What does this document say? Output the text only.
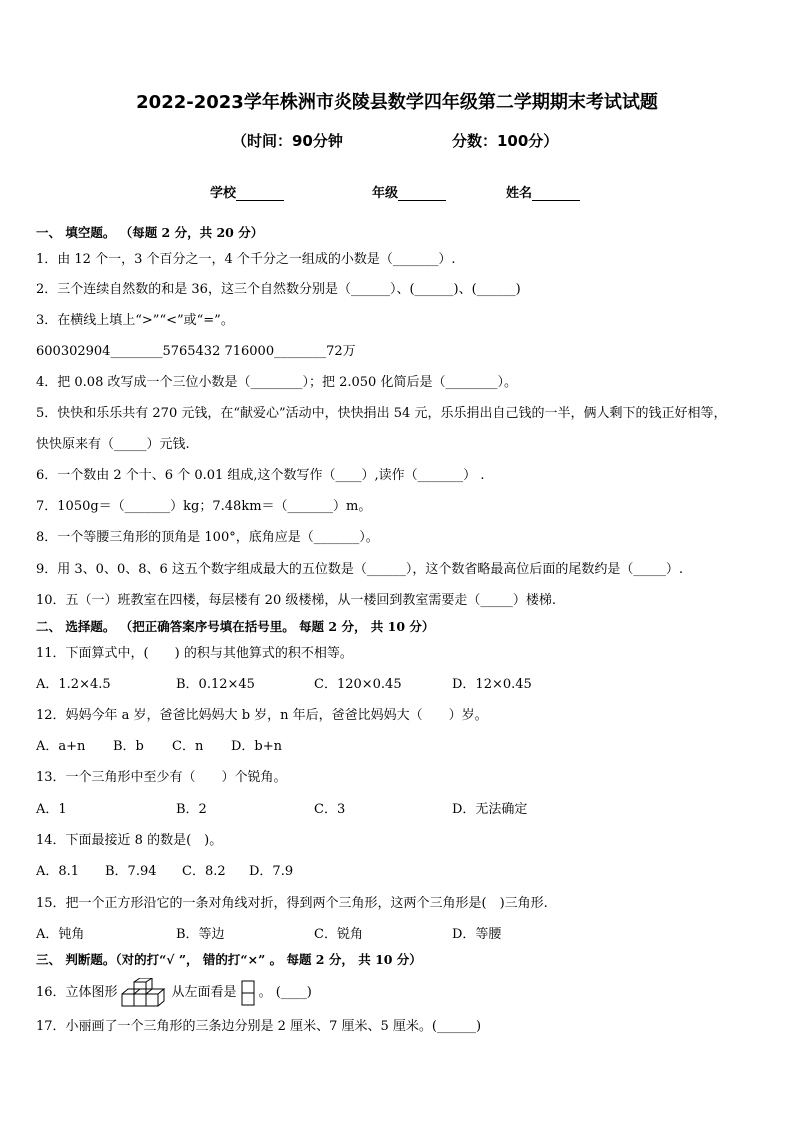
2022-2023学年株洲市炎陵县数学四年级第二学期期末考试试题
（时间：90分钟	分数：100分）
学校	年级	姓名
一、 填空题。 （每题 2 分，共 20 分）
1．由 12 个一，3 个百分之一，4 个千分之一组成的小数是（_______）.
2．三个连续自然数的和是 36，这三个自然数分别是（______）、(______)、(______)
3．在横线上填上“>”“<”或“=”。
600302904________5765432 716000________72万
4．把 0.08 改写成一个三位小数是（________）；把 2.050 化简后是（________）。
5．快快和乐乐共有 270 元钱，在“献爱心”活动中，快快捐出 54 元，乐乐捐出自己钱的一半，俩人剩下的钱正好相等，
快快原来有（_____）元钱.
6．一个数由 2 个十、6 个 0.01 组成,这个数写作（____）,读作（_______） .
7．1050g＝（_______）kg；7.48km＝（_______）m。
8．一个等腰三角形的顶角是 100°，底角应是（_______）。
9．用 3、0、0、8、6 这五个数字组成最大的五位数是（______），这个数省略最高位后面的尾数约是（_____）.
10．五（一）班教室在四楼，每层楼有 20 级楼梯，从一楼回到教室需要走（_____）楼梯.
二、 选择题。 （把正确答案序号填在括号里。 每题 2 分， 共 10 分）
11．下面算式中，(　　) 的积与其他算式的积不相等。
A．1.2×4.5	B．0.12×45	C．120×0.45	D．12×0.45
12．妈妈今年 a 岁，爸爸比妈妈大 b 岁，n 年后，爸爸比妈妈大（　　）岁。
A．a+n B．b C．n D．b+n
13．一个三角形中至少有（　　）个锐角。
A．1	B．2	C．3	D．无法确定
14．下面最接近 8 的数是(　)。
A．8.1 B．7.94 C．8.2 D．7.9
15．把一个正方形沿它的一条对角线对折，得到两个三角形，这两个三角形是(　)三角形.
A．钝角	B．等边	C．锐角	D．等腰
三、 判断题。（对的打“√ ”， 错的打“×” 。 每题 2 分， 共 10 分）
16．立体图形	从左面看是 。 (____)
17．小丽画了一个三角形的三条边分别是 2 厘米、7 厘米、5 厘米。(______)
